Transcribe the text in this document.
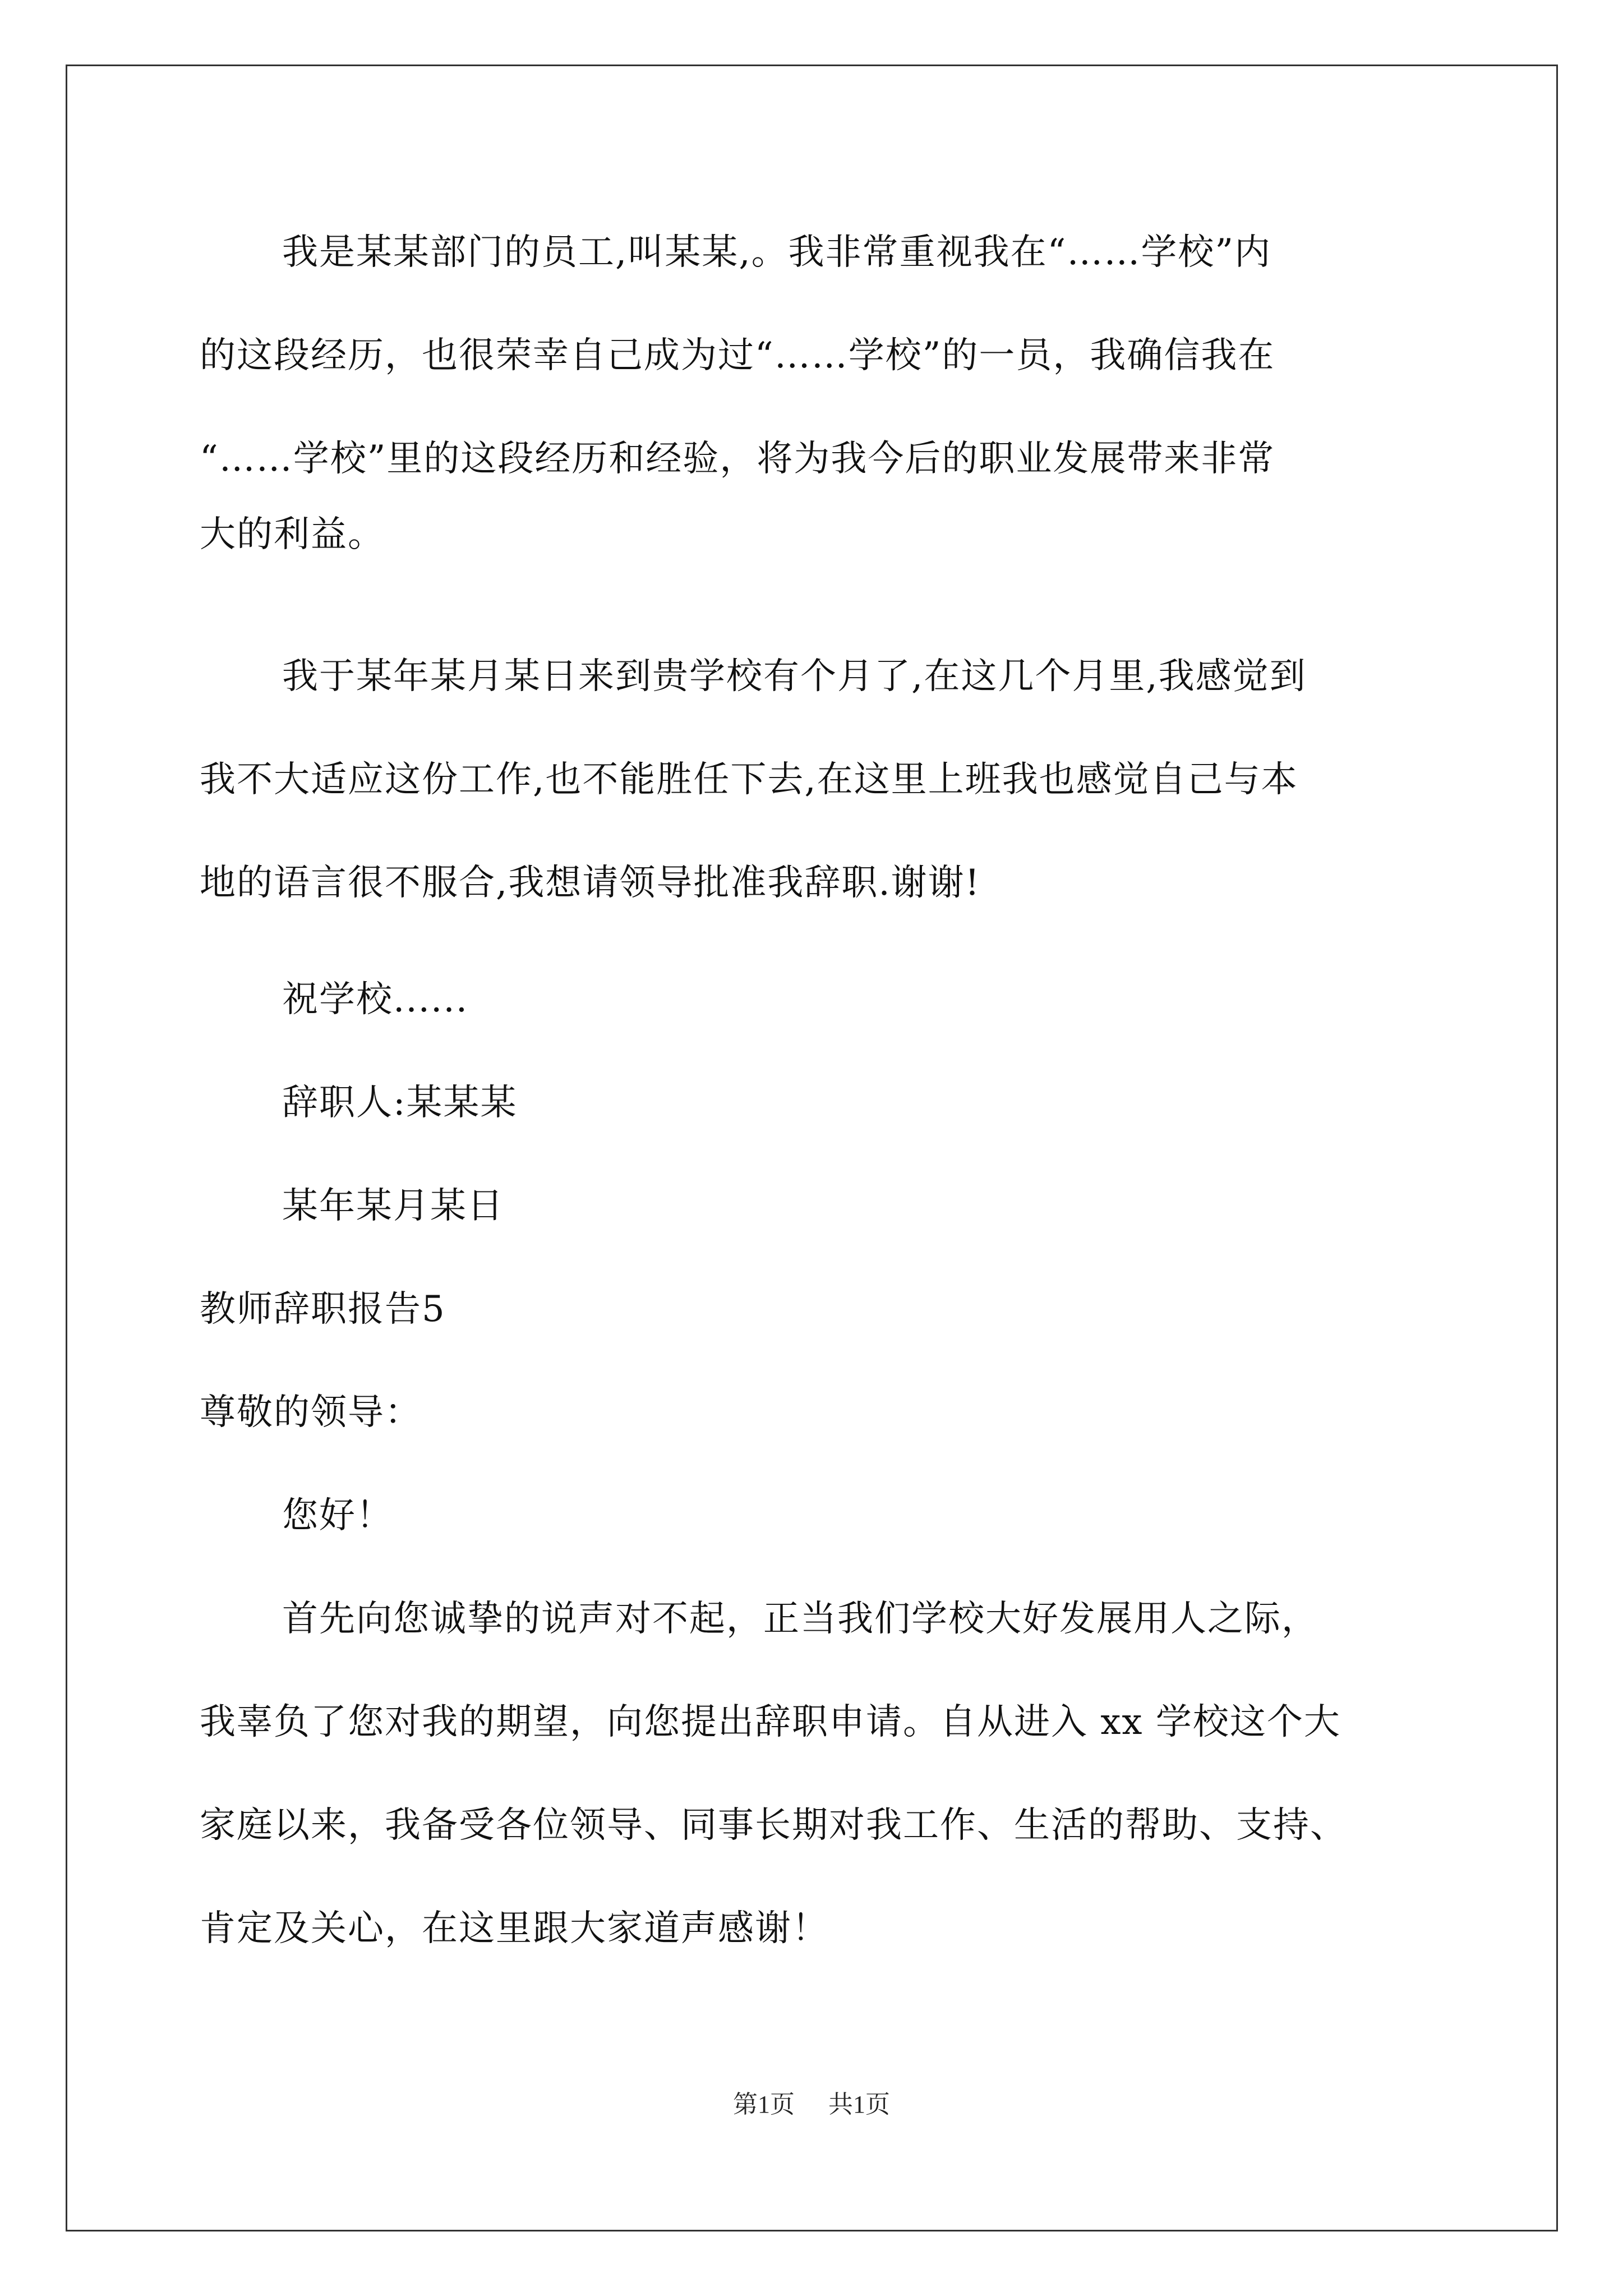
我是某某部门的员工,叫某某,。我非常重视我在“……学校”内
的这段经历，也很荣幸自己成为过“……学校”的一员，我确信我在
“……学校”里的这段经历和经验，将为我今后的职业发展带来非常
大的利益。
我于某年某月某日来到贵学校有个月了,在这几个月里,我感觉到
我不大适应这份工作,也不能胜任下去,在这里上班我也感觉自己与本
地的语言很不服合,我想请领导批准我辞职.谢谢!
祝学校......
辞职人:某某某
某年某月某日
教师辞职报告5
尊敬的领导：
您好！
首先向您诚挚的说声对不起，正当我们学校大好发展用人之际，
我辜负了您对我的期望，向您提出辞职申请。自从进入 xx 学校这个大
家庭以来，我备受各位领导、同事长期对我工作、生活的帮助、支持、
肯定及关心，在这里跟大家道声感谢！
第1页 共1页
